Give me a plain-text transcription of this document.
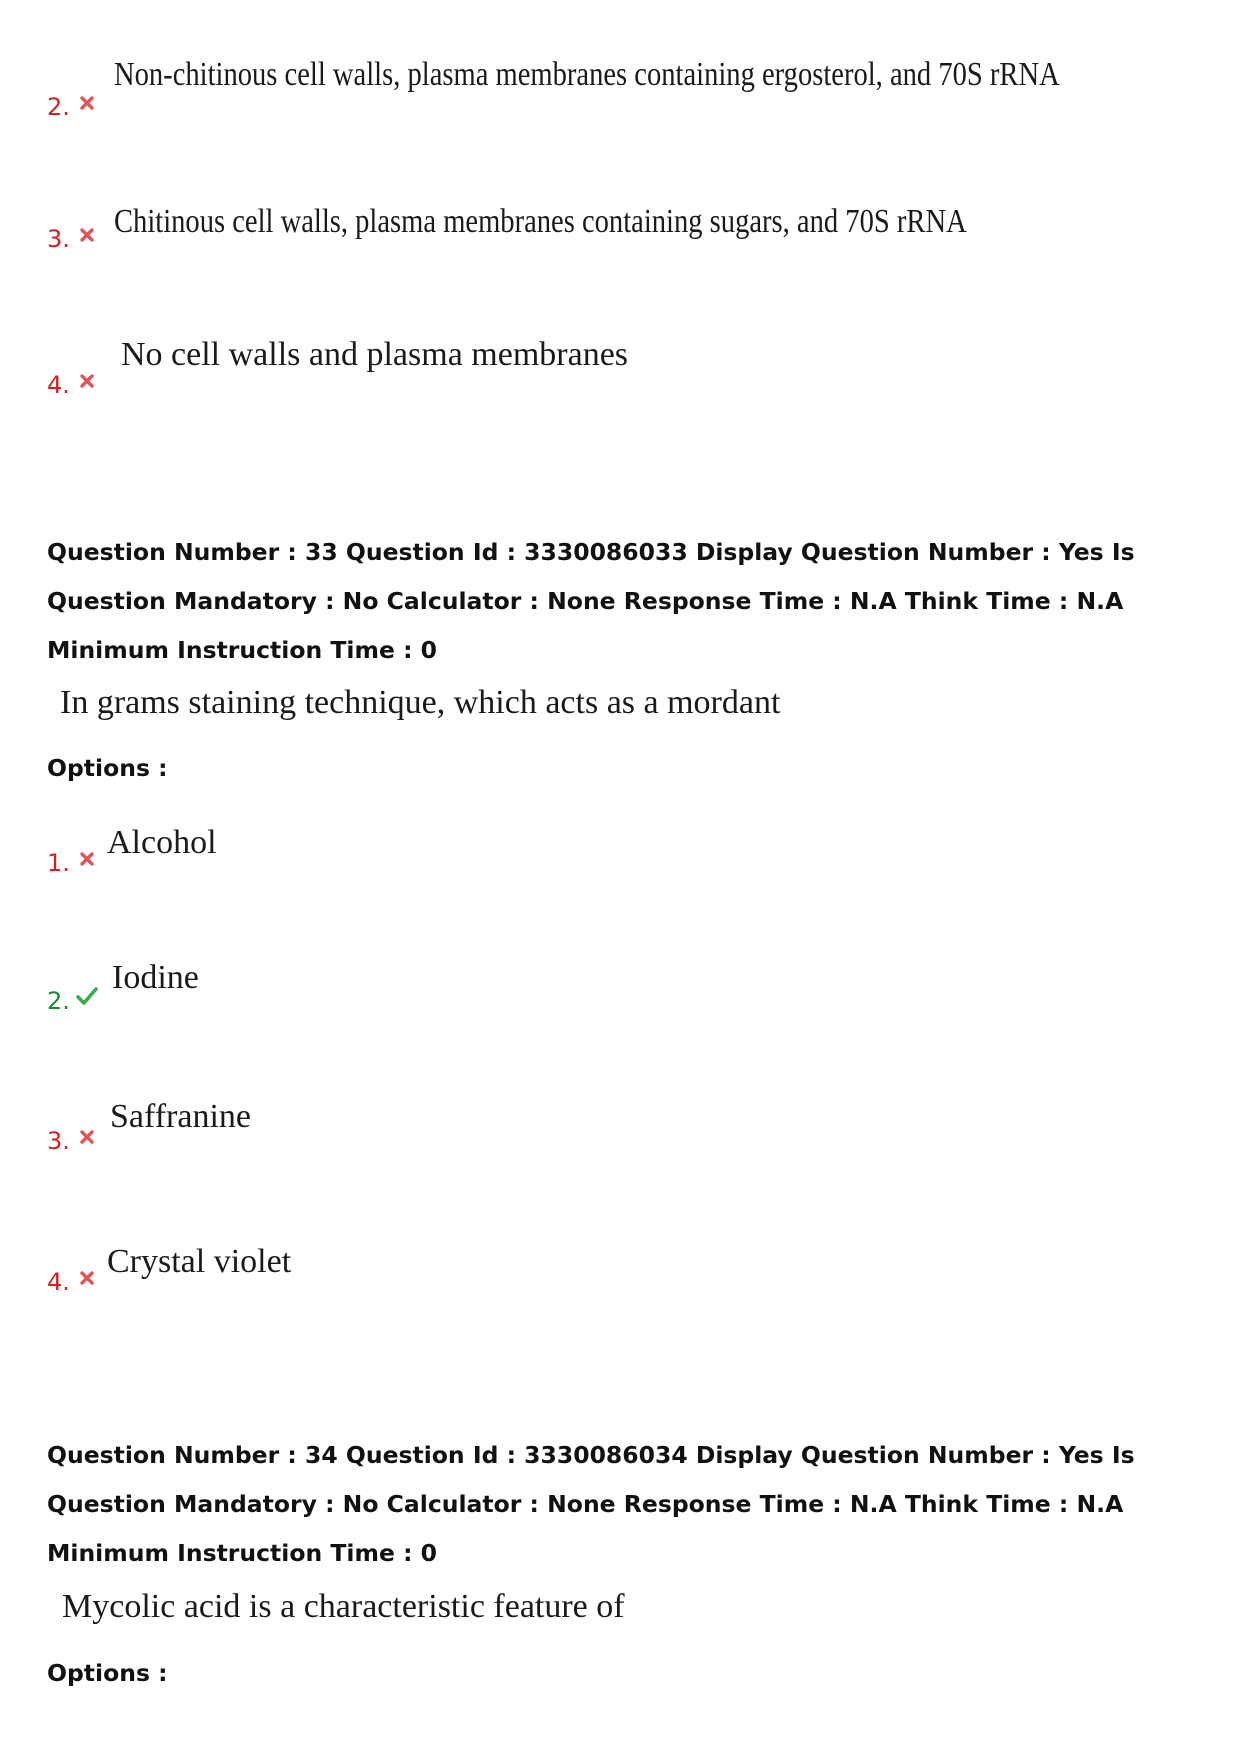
2.
Non-chitinous cell walls, plasma membranes containing ergosterol, and 70S rRNA
3. Chitinous cell walls, plasma membranes containing sugars, and 70S rRNA
4.
No cell walls and plasma membranes
Question Number : 33 Question Id : 3330086033 Display Question Number : Yes Is Question Mandatory : No Calculator : None Response Time : N.A Think Time : N.A Minimum Instruction Time : 0
In grams staining technique, which acts as a mordant
Options :
1.
Alcohol
2.
Iodine
3.
Saffranine
4.
Crystal violet
Question Number : 34 Question Id : 3330086034 Display Question Number : Yes Is Question Mandatory : No Calculator : None Response Time : N.A Think Time : N.A Minimum Instruction Time : 0
Mycolic acid is a characteristic feature of
Options :
